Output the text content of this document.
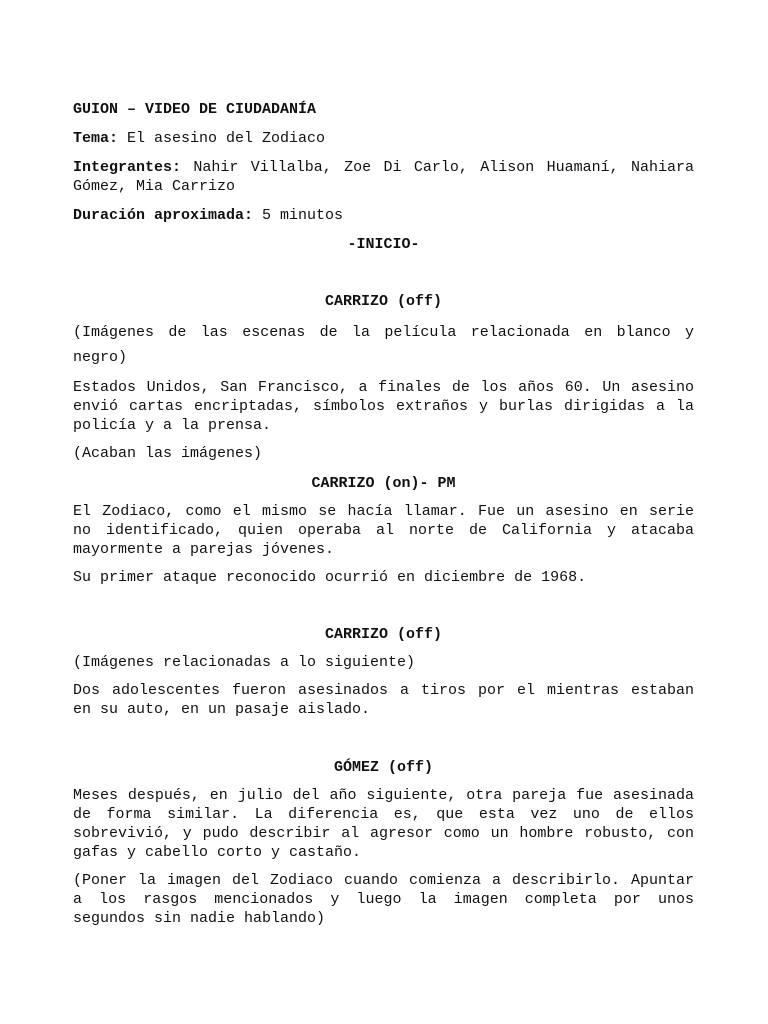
GUION – VIDEO DE CIUDADANÍA

Tema: El asesino del Zodiaco

Integrantes: Nahir Villalba, Zoe Di Carlo, Alison Huamaní, Nahiara Gómez, Mia Carrizo

Duración aproximada: 5 minutos

-INICIO-

CARRIZO (off)

(Imágenes de las escenas de la película relacionada en blanco y negro)

Estados Unidos, San Francisco, a finales de los años 60. Un asesino envió cartas encriptadas, símbolos extraños y burlas dirigidas a la policía y a la prensa.

(Acaban las imágenes)

CARRIZO (on)- PM

El Zodiaco, como el mismo se hacía llamar. Fue un asesino en serie no identificado, quien operaba al norte de California y atacaba mayormente a parejas jóvenes.

Su primer ataque reconocido ocurrió en diciembre de 1968.

CARRIZO (off)

(Imágenes relacionadas a lo siguiente)

Dos adolescentes fueron asesinados a tiros por el mientras estaban en su auto, en un pasaje aislado.

GÓMEZ (off)

Meses después, en julio del año siguiente, otra pareja fue asesinada de forma similar. La diferencia es, que esta vez uno de ellos sobrevivió, y pudo describir al agresor como un hombre robusto, con gafas y cabello corto y castaño.

(Poner la imagen del Zodiaco cuando comienza a describirlo. Apuntar a los rasgos mencionados y luego la imagen completa por unos segundos sin nadie hablando)
